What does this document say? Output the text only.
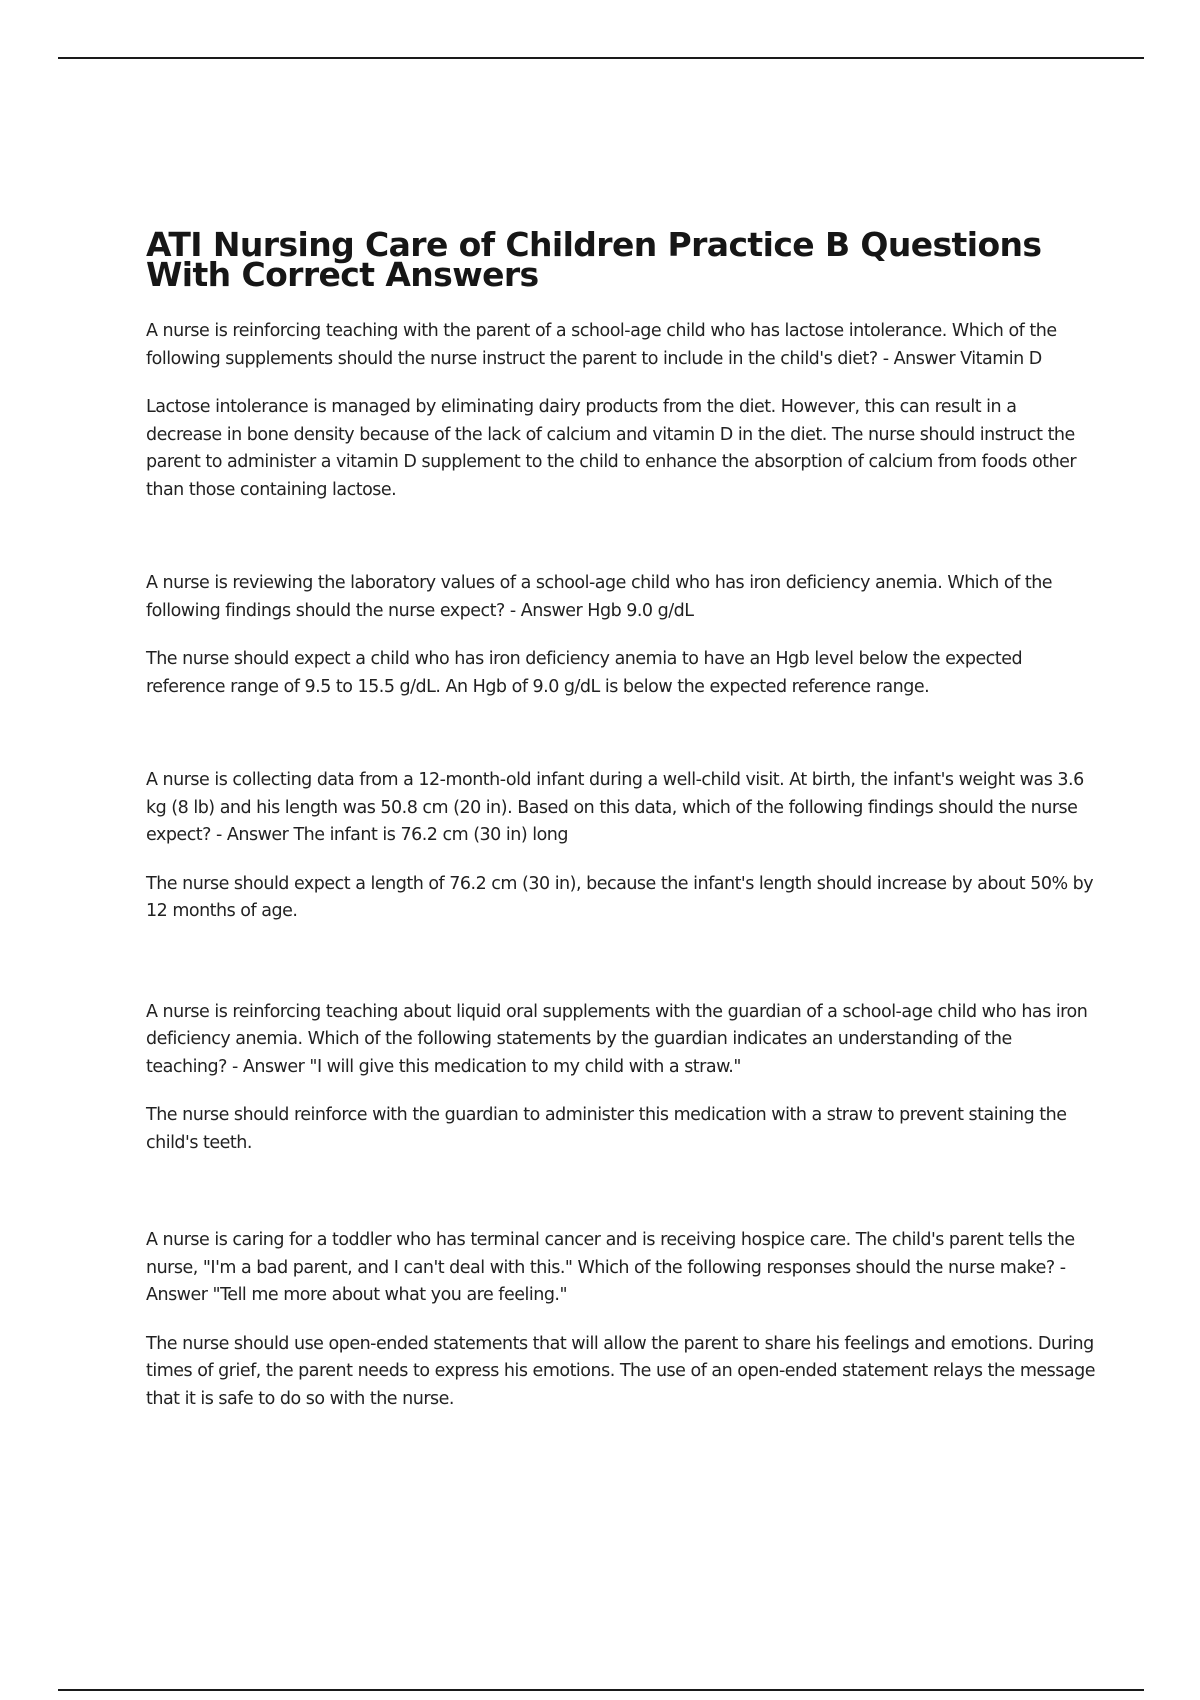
ATI Nursing Care of Children Practice B Questions With Correct Answers

A nurse is reinforcing teaching with the parent of a school-age child who has lactose intolerance. Which of the following supplements should the nurse instruct the parent to include in the child's diet? - Answer Vitamin D

Lactose intolerance is managed by eliminating dairy products from the diet. However, this can result in a decrease in bone density because of the lack of calcium and vitamin D in the diet. The nurse should instruct the parent to administer a vitamin D supplement to the child to enhance the absorption of calcium from foods other than those containing lactose.

A nurse is reviewing the laboratory values of a school-age child who has iron deficiency anemia. Which of the following findings should the nurse expect? - Answer Hgb 9.0 g/dL

The nurse should expect a child who has iron deficiency anemia to have an Hgb level below the expected reference range of 9.5 to 15.5 g/dL. An Hgb of 9.0 g/dL is below the expected reference range.

A nurse is collecting data from a 12-month-old infant during a well-child visit. At birth, the infant's weight was 3.6 kg (8 lb) and his length was 50.8 cm (20 in). Based on this data, which of the following findings should the nurse expect? - Answer The infant is 76.2 cm (30 in) long

The nurse should expect a length of 76.2 cm (30 in), because the infant's length should increase by about 50% by 12 months of age.

A nurse is reinforcing teaching about liquid oral supplements with the guardian of a school-age child who has iron deficiency anemia. Which of the following statements by the guardian indicates an understanding of the teaching? - Answer "I will give this medication to my child with a straw."

The nurse should reinforce with the guardian to administer this medication with a straw to prevent staining the child's teeth.

A nurse is caring for a toddler who has terminal cancer and is receiving hospice care. The child's parent tells the nurse, "I'm a bad parent, and I can't deal with this." Which of the following responses should the nurse make? - Answer "Tell me more about what you are feeling."

The nurse should use open-ended statements that will allow the parent to share his feelings and emotions. During times of grief, the parent needs to express his emotions. The use of an open-ended statement relays the message that it is safe to do so with the nurse.
